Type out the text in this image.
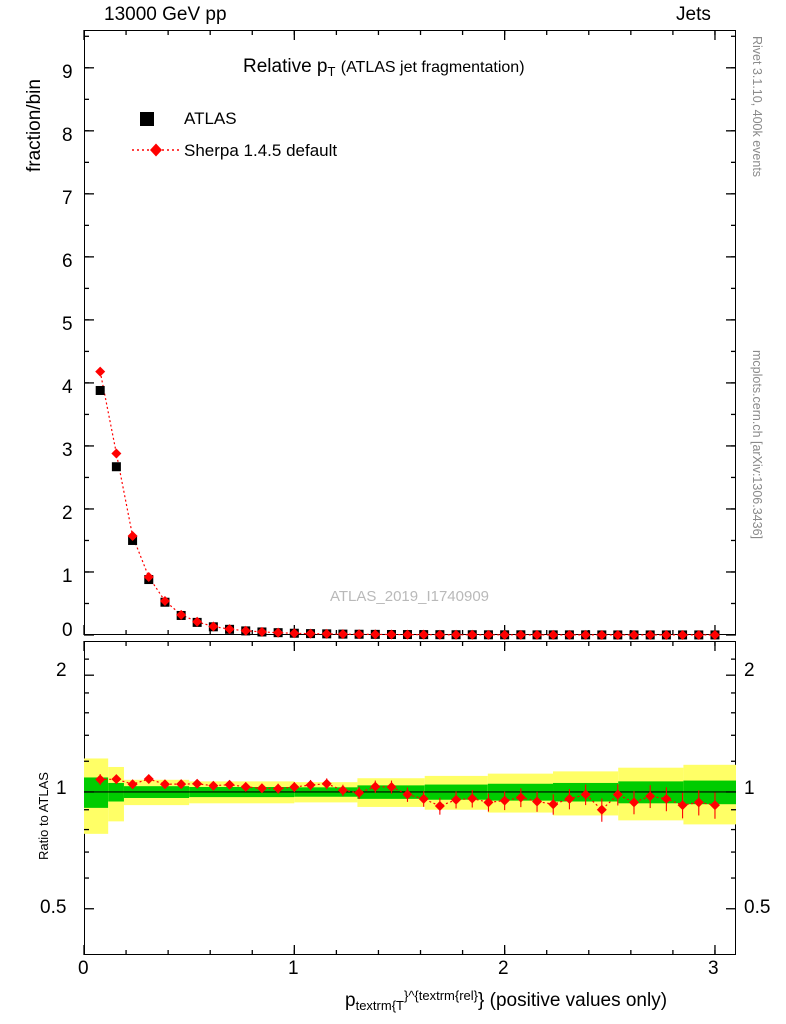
13000 GeV pp	Jets
Rivet 3.1.10, 400k events
mcplots.cern.ch [arXiv:1306.3436]
fraction/bin
Ratio to ATLAS
Relative $p_T$ (ATLAS jet fragmentation)
0
1
2
3
4
5
6
7
8
9
ATLAS
Sherpa 1.4.5 default
ATLAS_2019_I1740909
2
1
0.5
2
1
0.5
0	1	2	3
$p_{textrm\{T}^{\}\^{}\{textrm\{rel\}}$} (positive values only)
